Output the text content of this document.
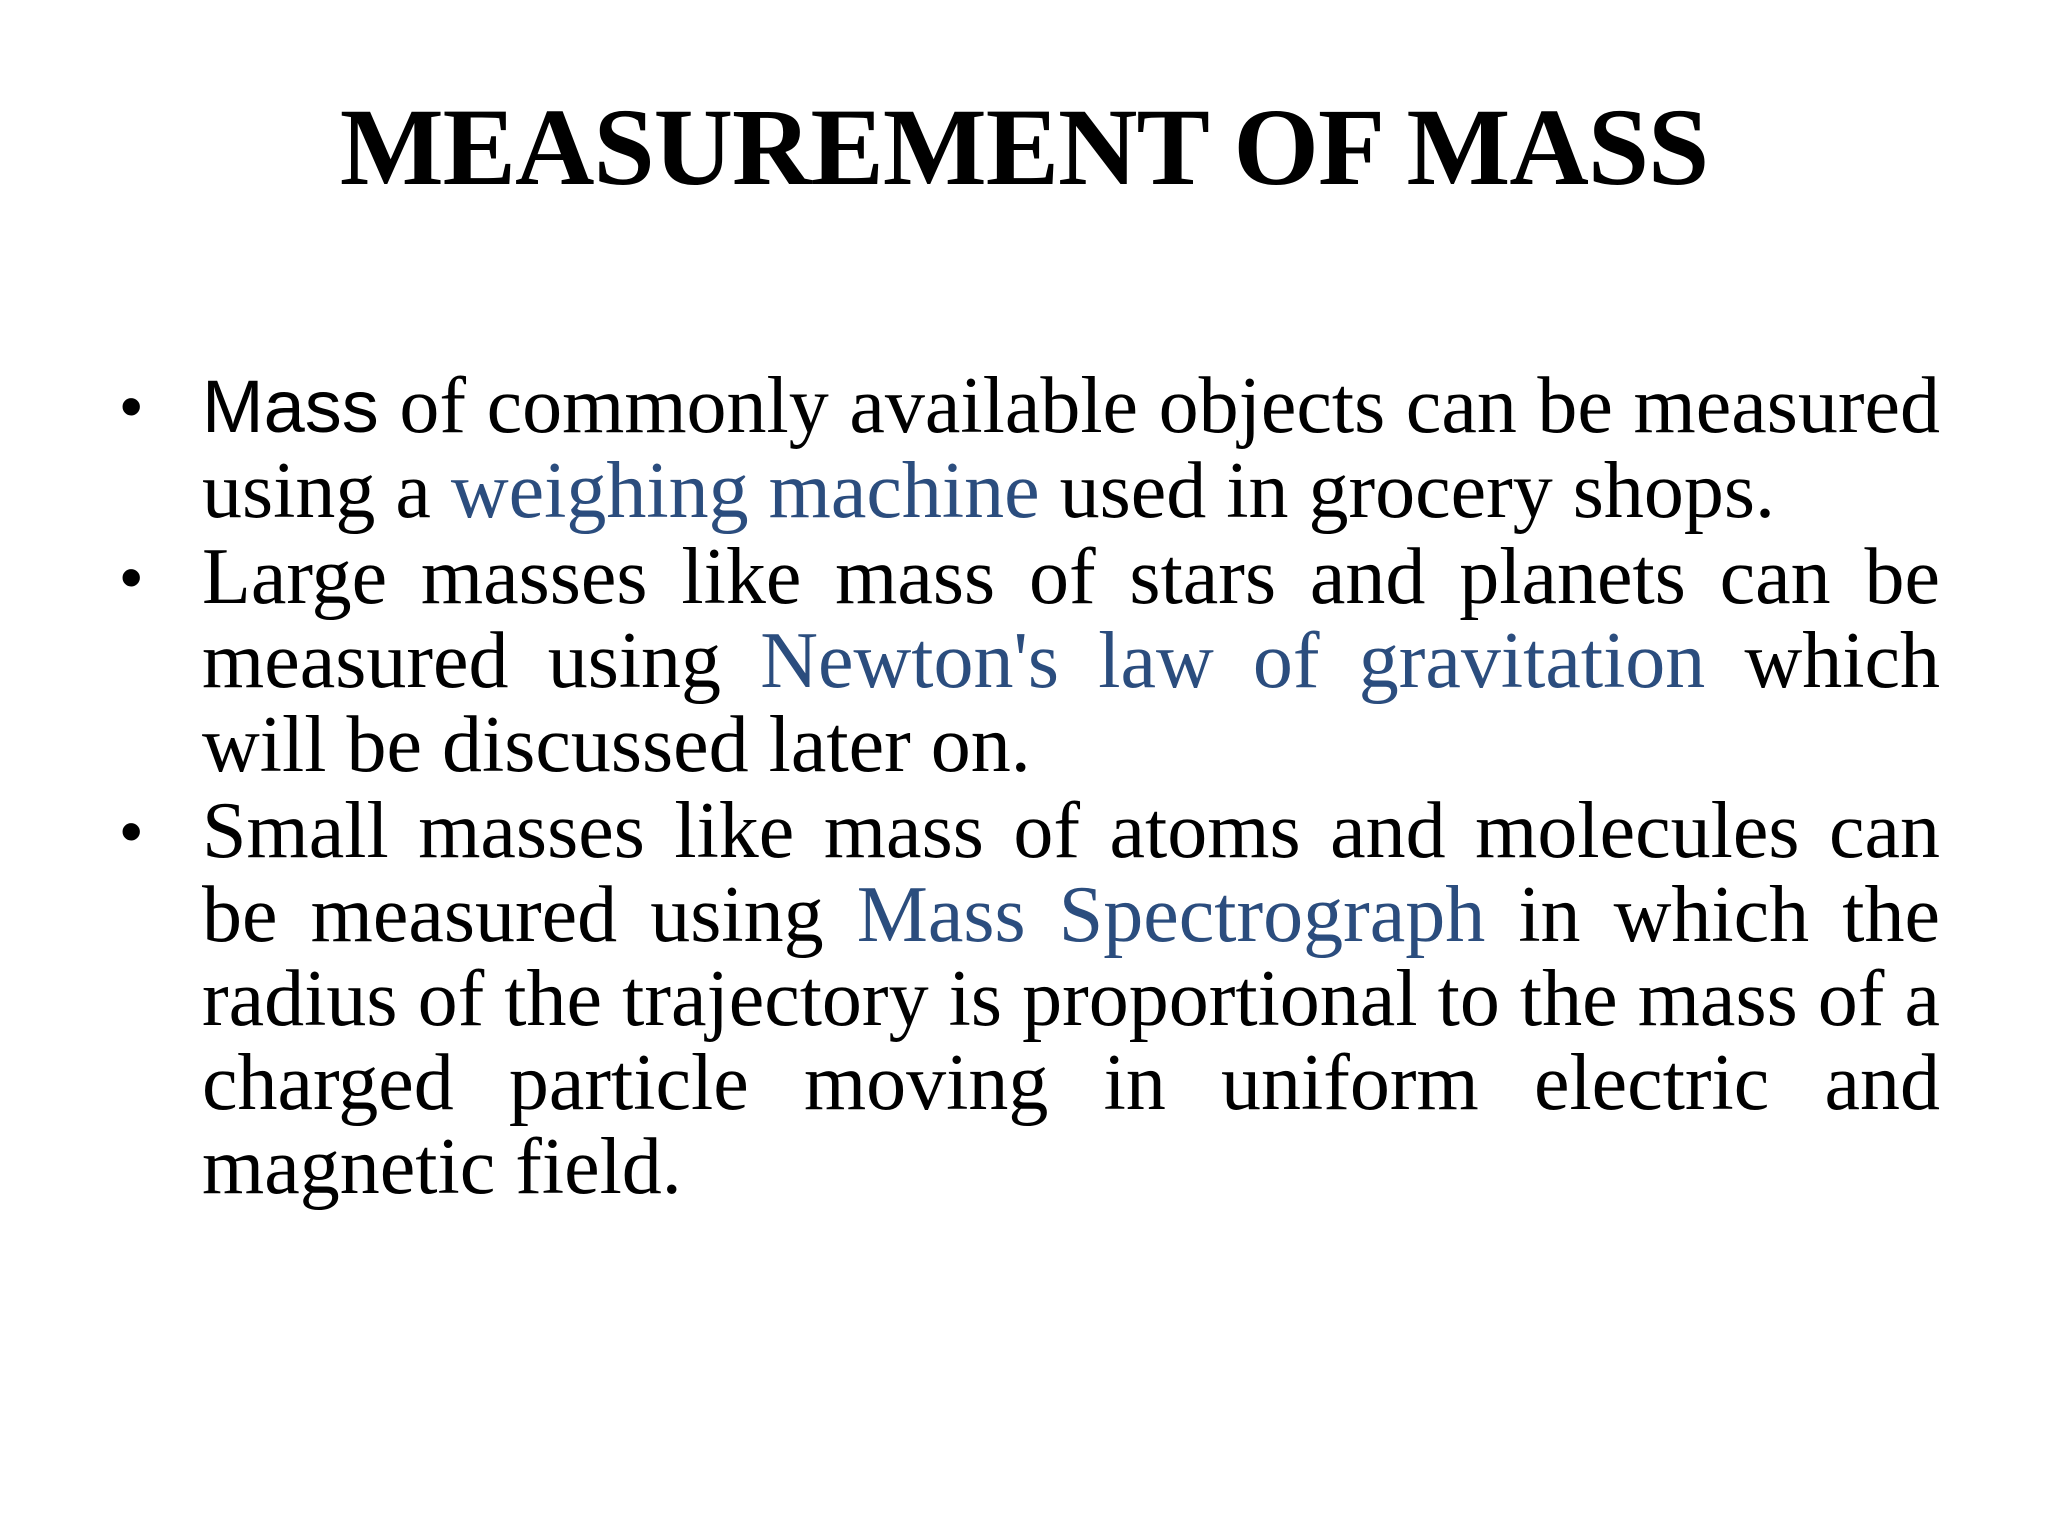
MEASUREMENT OF MASS
• Mass of commonly available objects can be measured using a weighing machine used in grocery shops.
• Large masses like mass of stars and planets can be measured using Newton's law of gravitation which will be discussed later on.
• Small masses like mass of atoms and molecules can be measured using Mass Spectrograph in which the radius of the trajectory is proportional to the mass of a charged particle moving in uniform electric and magnetic field.
